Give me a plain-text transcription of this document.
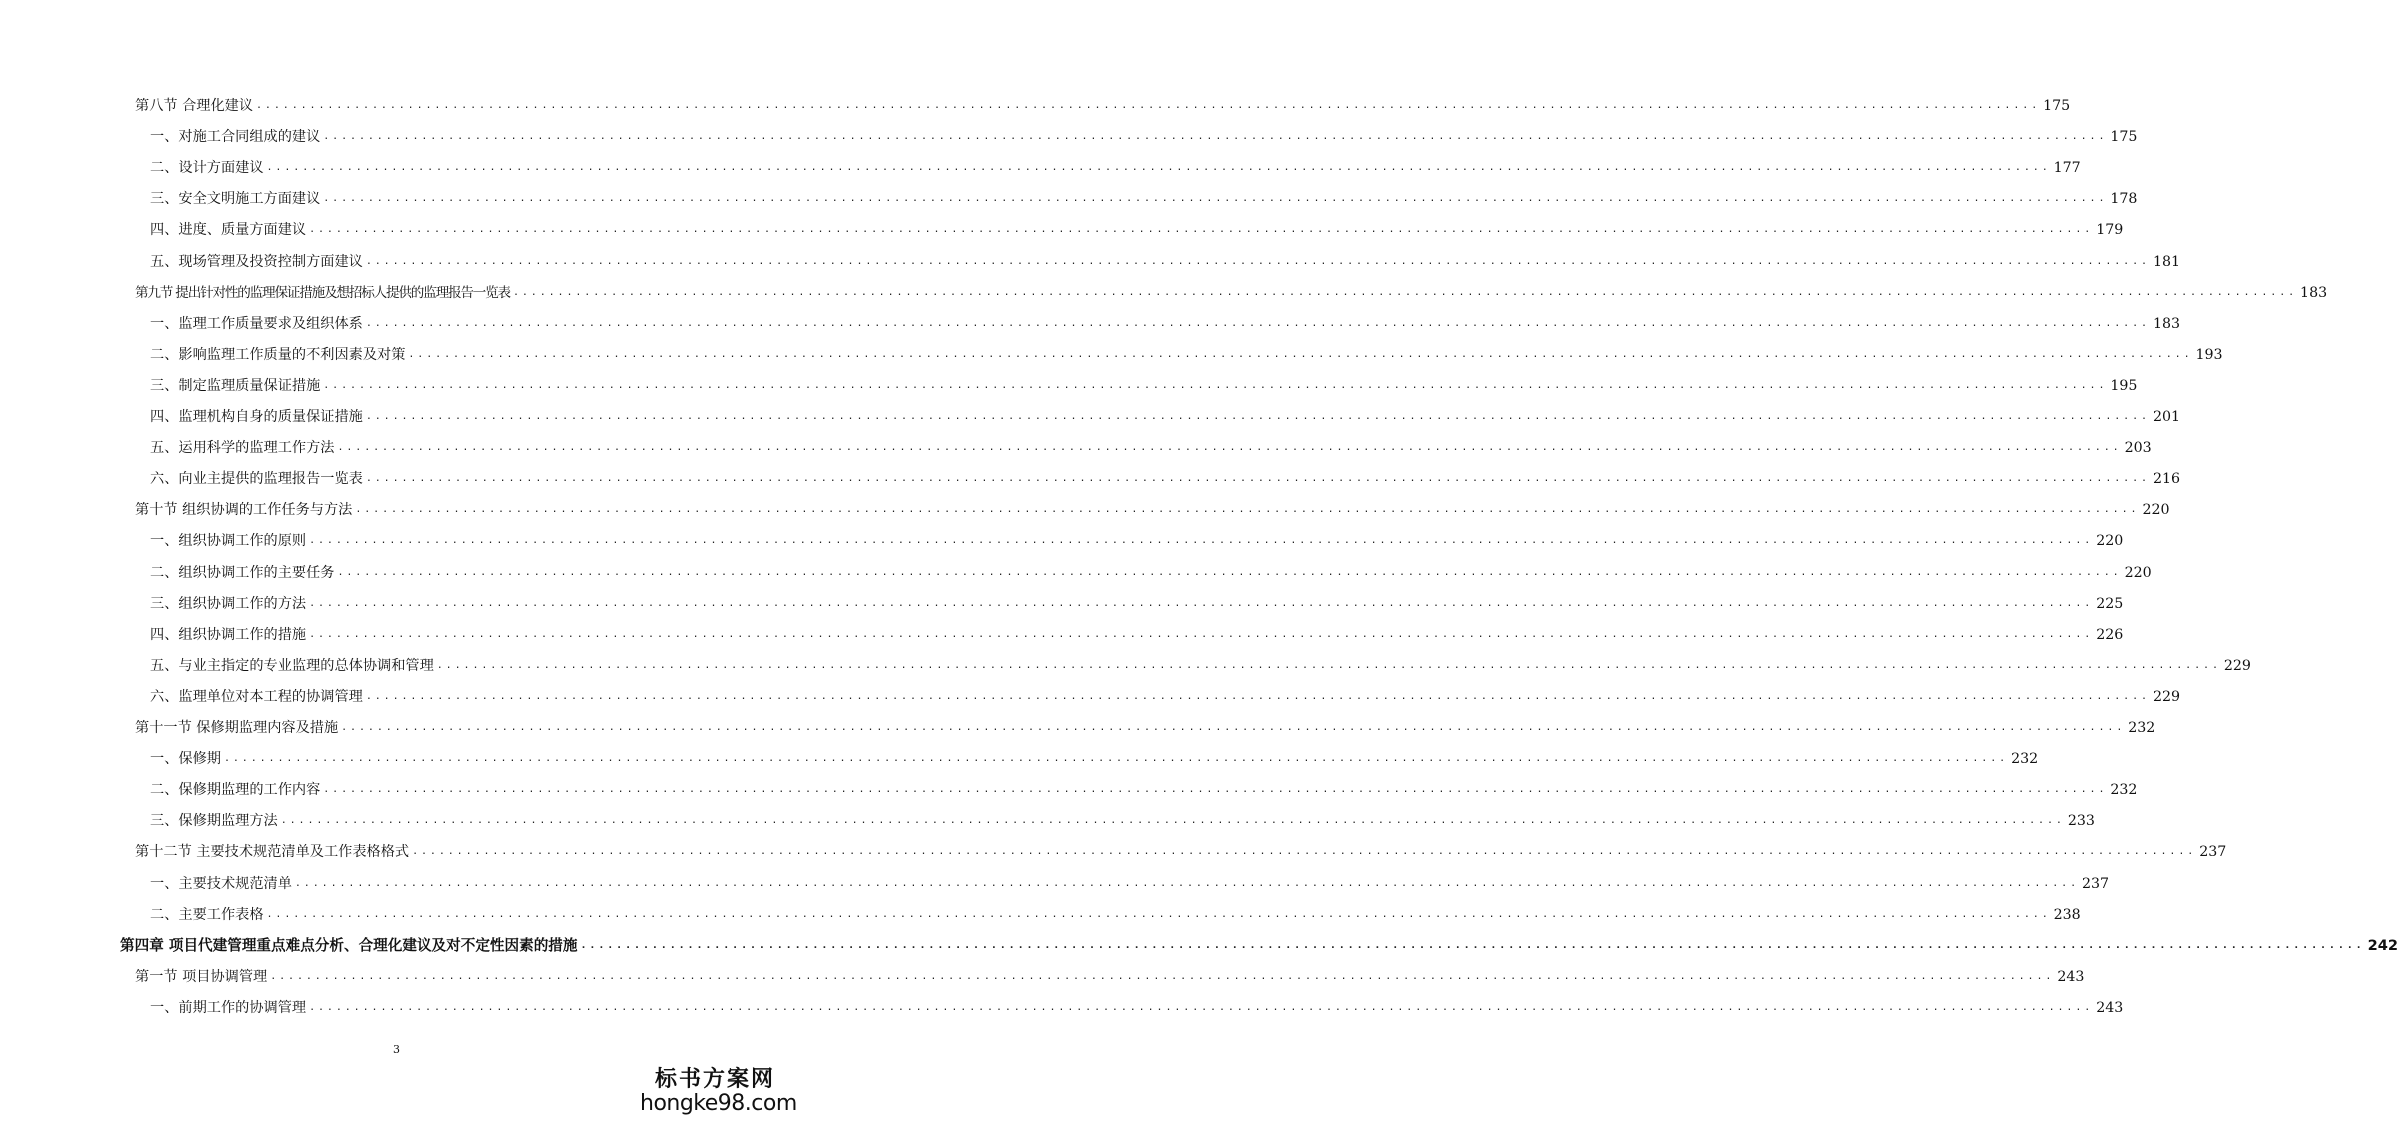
第八节 合理化建议 ........................................................................................................................................................................................................ 175
一、对施工合同组成的建议 ........................................................................................................................................................................................................ 175
二、设计方面建议 ........................................................................................................................................................................................................ 177
三、安全文明施工方面建议 ........................................................................................................................................................................................................ 178
四、进度、质量方面建议 ........................................................................................................................................................................................................ 179
五、现场管理及投资控制方面建议 ........................................................................................................................................................................................................ 181
第九节 提出针对性的监理保证措施及想招标人提供的监理报告一览表 ........................................................................................................................................................................................................ 183
一、监理工作质量要求及组织体系 ........................................................................................................................................................................................................ 183
二、影响监理工作质量的不利因素及对策 ........................................................................................................................................................................................................ 193
三、制定监理质量保证措施 ........................................................................................................................................................................................................ 195
四、监理机构自身的质量保证措施 ........................................................................................................................................................................................................ 201
五、运用科学的监理工作方法 ........................................................................................................................................................................................................ 203
六、向业主提供的监理报告一览表 ........................................................................................................................................................................................................ 216
第十节 组织协调的工作任务与方法 ........................................................................................................................................................................................................ 220
一、组织协调工作的原则 ........................................................................................................................................................................................................ 220
二、组织协调工作的主要任务 ........................................................................................................................................................................................................ 220
三、组织协调工作的方法 ........................................................................................................................................................................................................ 225
四、组织协调工作的措施 ........................................................................................................................................................................................................ 226
五、与业主指定的专业监理的总体协调和管理 ........................................................................................................................................................................................................ 229
六、监理单位对本工程的协调管理 ........................................................................................................................................................................................................ 229
第十一节 保修期监理内容及措施 ........................................................................................................................................................................................................ 232
一、保修期 ........................................................................................................................................................................................................ 232
二、保修期监理的工作内容 ........................................................................................................................................................................................................ 232
三、保修期监理方法 ........................................................................................................................................................................................................ 233
第十二节 主要技术规范清单及工作表格格式 ........................................................................................................................................................................................................ 237
一、主要技术规范清单 ........................................................................................................................................................................................................ 237
二、主要工作表格 ........................................................................................................................................................................................................ 238
第四章 项目代建管理重点难点分析、合理化建议及对不定性因素的措施 ........................................................................................................................................................................................................ 242
第一节 项目协调管理 ........................................................................................................................................................................................................ 243
一、前期工作的协调管理 ........................................................................................................................................................................................................ 243
3
标书方案网
hongke98.com
